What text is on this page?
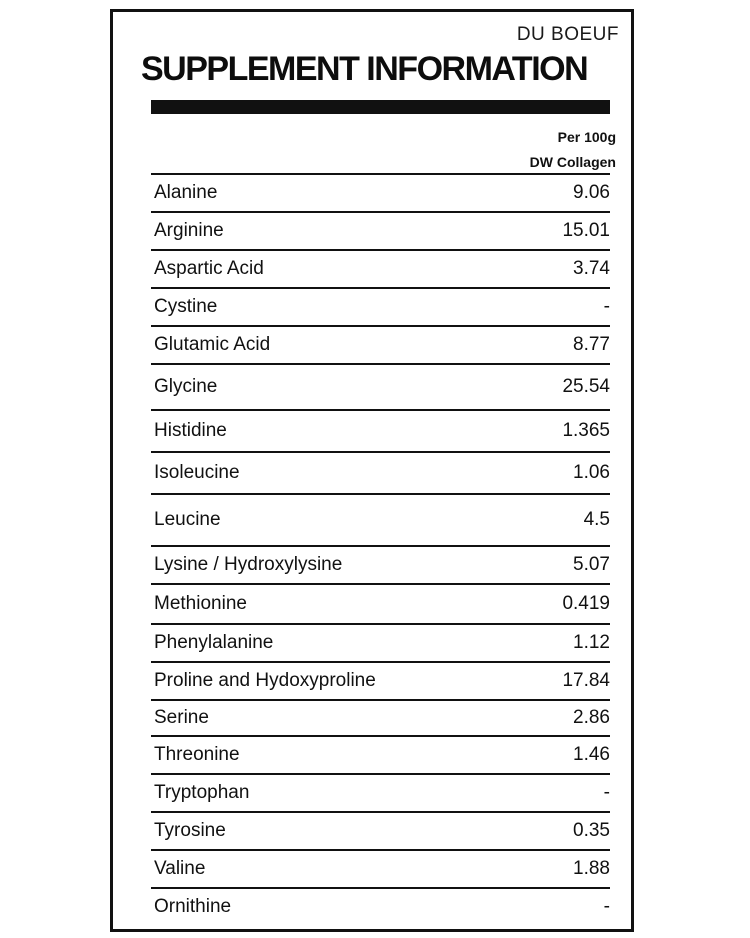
DU BOEUF
SUPPLEMENT INFORMATION
Per 100g
DW Collagen
Alanine	9.06
Arginine	15.01
Aspartic Acid	3.74
Cystine	-
Glutamic Acid	8.77
Glycine	25.54
Histidine	1.365
Isoleucine	1.06
Leucine	4.5
Lysine / Hydroxylysine	5.07
Methionine	0.419
Phenylalanine	1.12
Proline and Hydoxyproline	17.84
Serine	2.86
Threonine	1.46
Tryptophan	-
Tyrosine	0.35
Valine	1.88
Ornithine	-
